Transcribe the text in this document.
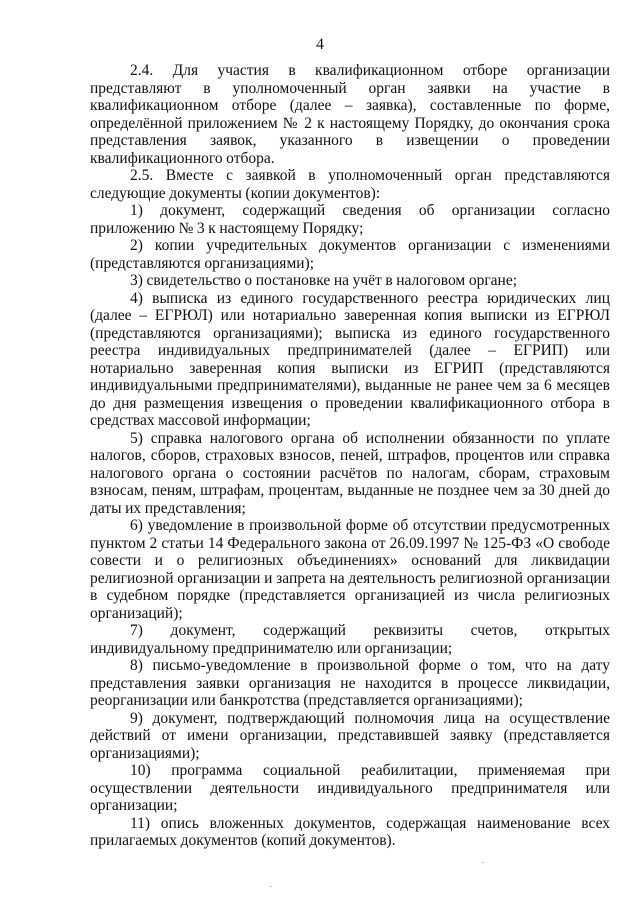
4

2.4. Для участия в квалификационном отборе организации представляют в уполномоченный орган заявки на участие в квалификационном отборе (далее – заявка), составленные по форме, определённой приложением № 2 к настоящему Порядку, до окончания срока представления заявок, указанного в извещении о проведении квалификационного отбора.

2.5. Вместе с заявкой в уполномоченный орган представляются следующие документы (копии документов):

1) документ, содержащий сведения об организации согласно приложению № 3 к настоящему Порядку;

2) копии учредительных документов организации с изменениями (представляются организациями);

3) свидетельство о постановке на учёт в налоговом органе;

4) выписка из единого государственного реестра юридических лиц (далее – ЕГРЮЛ) или нотариально заверенная копия выписки из ЕГРЮЛ (представляются организациями); выписка из единого государственного реестра индивидуальных предпринимателей (далее – ЕГРИП) или нотариально заверенная копия выписки из ЕГРИП (представляются индивидуальными предпринимателями), выданные не ранее чем за 6 месяцев до дня размещения извещения о проведении квалификационного отбора в средствах массовой информации;

5) справка налогового органа об исполнении обязанности по уплате налогов, сборов, страховых взносов, пеней, штрафов, процентов или справка налогового органа о состоянии расчётов по налогам, сборам, страховым взносам, пеням, штрафам, процентам, выданные не позднее чем за 30 дней до даты их представления;

6) уведомление в произвольной форме об отсутствии предусмотренных пунктом 2 статьи 14 Федерального закона от 26.09.1997 № 125-ФЗ «О свободе совести и о религиозных объединениях» оснований для ликвидации религиозной организации и запрета на деятельность религиозной организации в судебном порядке (представляется организацией из числа религиозных организаций);

7) документ, содержащий реквизиты счетов, открытых индивидуальному предпринимателю или организации;

8) письмо-уведомление в произвольной форме о том, что на дату представления заявки организация не находится в процессе ликвидации, реорганизации или банкротства (представляется организациями);

9) документ, подтверждающий полномочия лица на осуществление действий от имени организации, представившей заявку (представляется организациями);

10) программа социальной реабилитации, применяемая при осуществлении деятельности индивидуального предпринимателя или организации;

11) опись вложенных документов, содержащая наименование всех прилагаемых документов (копий документов).
